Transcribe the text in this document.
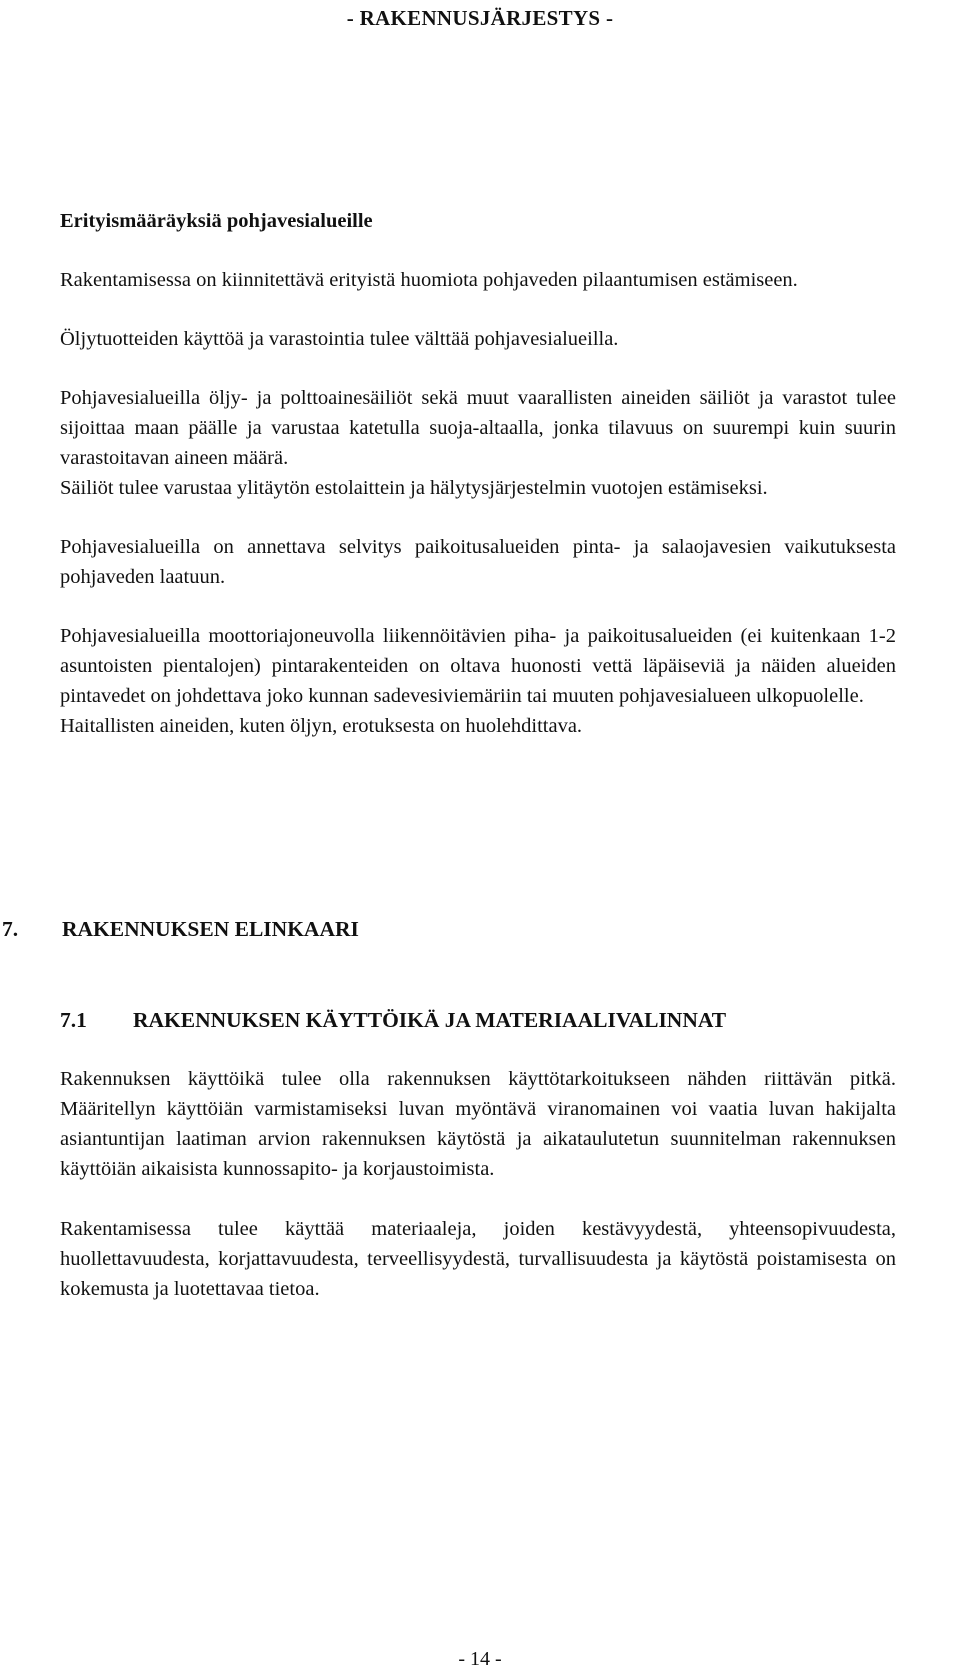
- RAKENNUSJÄRJESTYS -

Erityismääräyksiä pohjavesialueille

Rakentamisessa on kiinnitettävä erityistä huomiota pohjaveden pilaantumisen estämiseen.

Öljytuotteiden käyttöä ja varastointia tulee välttää pohjavesialueilla.

Pohjavesialueilla öljy- ja polttoainesäiliöt sekä muut vaarallisten aineiden säiliöt ja varastot tulee sijoittaa maan päälle ja varustaa katetulla suoja-altaalla, jonka tilavuus on suurempi kuin suurin varastoitavan aineen määrä.

Säiliöt tulee varustaa ylitäytön estolaittein ja hälytysjärjestelmin vuotojen estämiseksi.

Pohjavesialueilla on annettava selvitys paikoitusalueiden pinta- ja salaojavesien vaikutuksesta pohjaveden laatuun.

Pohjavesialueilla moottoriajoneuvolla liikennöitävien piha- ja paikoitusalueiden (ei kuitenkaan 1-2 asuntoisten pientalojen) pintarakenteiden on oltava huonosti vettä läpäiseviä ja näiden alueiden pintavedet on johdettava joko kunnan sadevesiviemäriin tai muuten pohjavesialueen ulkopuolelle.

Haitallisten aineiden, kuten öljyn, erotuksesta on huolehdittava.

7. RAKENNUKSEN ELINKAARI
7.1 RAKENNUKSEN KÄYTTÖIKÄ JA MATERIAALIVALINNAT

Rakennuksen käyttöikä tulee olla rakennuksen käyttötarkoitukseen nähden riittävän pitkä. Määritellyn käyttöiän varmistamiseksi luvan myöntävä viranomainen voi vaatia luvan hakijalta asiantuntijan laatiman arvion rakennuksen käytöstä ja aikataulutetun suunnitelman rakennuksen käyttöiän aikaisista kunnossapito- ja korjaustoimista.

Rakentamisessa tulee käyttää materiaaleja, joiden kestävyydestä, yhteensopivuudesta, huollettavuudesta, korjattavuudesta, terveellisyydestä, turvallisuudesta ja käytöstä poistamisesta on kokemusta ja luotettavaa tietoa.

- 14 -
